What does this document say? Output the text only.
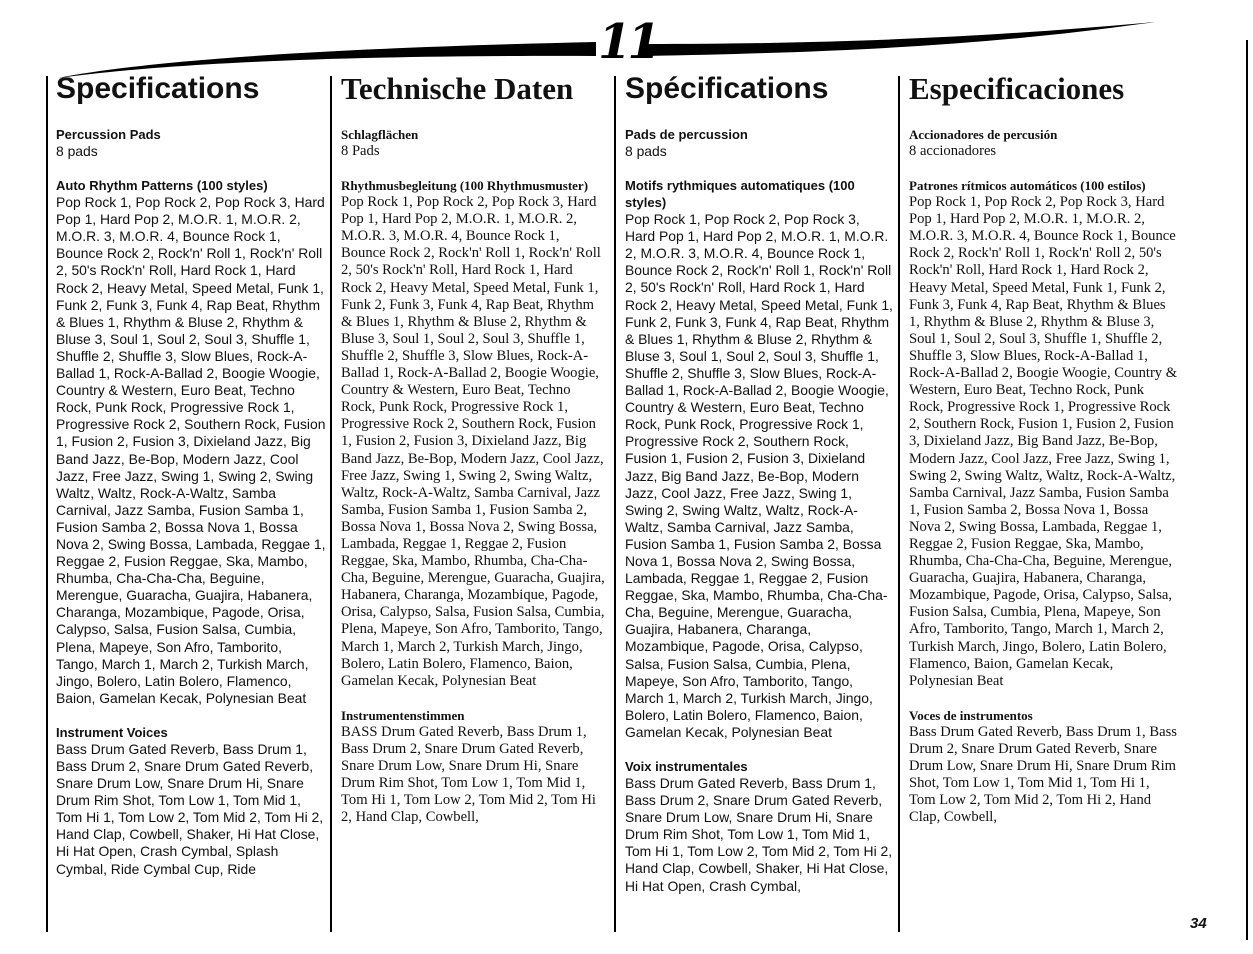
11
Specifications
Percussion Pads

8 pads

Auto Rhythm Patterns (100 styles)

Pop Rock 1, Pop Rock 2, Pop Rock 3, Hard Pop 1, Hard Pop 2, M.O.R. 1, M.O.R. 2, M.O.R. 3, M.O.R. 4, Bounce Rock 1, Bounce Rock 2, Rock'n' Roll 1, Rock'n' Roll 2, 50's Rock'n' Roll, Hard Rock 1, Hard Rock 2, Heavy Metal, Speed Metal, Funk 1, Funk 2, Funk 3, Funk 4, Rap Beat, Rhythm & Blues 1, Rhythm & Bluse 2, Rhythm & Bluse 3, Soul 1, Soul 2, Soul 3, Shuffle 1, Shuffle 2, Shuffle 3, Slow Blues, Rock-A-Ballad 1, Rock-A-Ballad 2, Boogie Woogie, Country & Western, Euro Beat, Techno Rock, Punk Rock, Progressive Rock 1, Progressive Rock 2, Southern Rock, Fusion 1, Fusion 2, Fusion 3, Dixieland Jazz, Big Band Jazz, Be-Bop, Modern Jazz, Cool Jazz, Free Jazz, Swing 1, Swing 2, Swing Waltz, Waltz, Rock-A-Waltz, Samba Carnival, Jazz Samba, Fusion Samba 1, Fusion Samba 2, Bossa Nova 1, Bossa Nova 2, Swing Bossa, Lambada, Reggae 1, Reggae 2, Fusion Reggae, Ska, Mambo, Rhumba, Cha-Cha-Cha, Beguine, Merengue, Guaracha, Guajira, Habanera, Charanga, Mozambique, Pagode, Orisa, Calypso, Salsa, Fusion Salsa, Cumbia, Plena, Mapeye, Son Afro, Tamborito, Tango, March 1, March 2, Turkish March, Jingo, Bolero, Latin Bolero, Flamenco, Baion, Gamelan Kecak, Polynesian Beat

Instrument Voices

Bass Drum Gated Reverb, Bass Drum 1, Bass Drum 2, Snare Drum Gated Reverb, Snare Drum Low, Snare Drum Hi, Snare Drum Rim Shot, Tom Low 1, Tom Mid 1, Tom Hi 1, Tom Low 2, Tom Mid 2, Tom Hi 2, Hand Clap, Cowbell, Shaker, Hi Hat Close, Hi Hat Open, Crash Cymbal, Splash Cymbal, Ride Cymbal Cup, Ride

Technische Daten
Schlagflächen

8 Pads

Rhythmusbegleitung (100 Rhythmusmuster)

Pop Rock 1, Pop Rock 2, Pop Rock 3, Hard Pop 1, Hard Pop 2, M.O.R. 1, M.O.R. 2, M.O.R. 3, M.O.R. 4, Bounce Rock 1, Bounce Rock 2, Rock'n' Roll 1, Rock'n' Roll 2, 50's Rock'n' Roll, Hard Rock 1, Hard Rock 2, Heavy Metal, Speed Metal, Funk 1, Funk 2, Funk 3, Funk 4, Rap Beat, Rhythm & Blues 1, Rhythm & Bluse 2, Rhythm & Bluse 3, Soul 1, Soul 2, Soul 3, Shuffle 1, Shuffle 2, Shuffle 3, Slow Blues, Rock-A-Ballad 1, Rock-A-Ballad 2, Boogie Woogie, Country & Western, Euro Beat, Techno Rock, Punk Rock, Progressive Rock 1, Progressive Rock 2, Southern Rock, Fusion 1, Fusion 2, Fusion 3, Dixieland Jazz, Big Band Jazz, Be-Bop, Modern Jazz, Cool Jazz, Free Jazz, Swing 1, Swing 2, Swing Waltz, Waltz, Rock-A-Waltz, Samba Carnival, Jazz Samba, Fusion Samba 1, Fusion Samba 2, Bossa Nova 1, Bossa Nova 2, Swing Bossa, Lambada, Reggae 1, Reggae 2, Fusion Reggae, Ska, Mambo, Rhumba, Cha-Cha-Cha, Beguine, Merengue, Guaracha, Guajira, Habanera, Charanga, Mozambique, Pagode, Orisa, Calypso, Salsa, Fusion Salsa, Cumbia, Plena, Mapeye, Son Afro, Tamborito, Tango, March 1, March 2, Turkish March, Jingo, Bolero, Latin Bolero, Flamenco, Baion, Gamelan Kecak, Polynesian Beat

Instrumentenstimmen

BASS Drum Gated Reverb, Bass Drum 1, Bass Drum 2, Snare Drum Gated Reverb, Snare Drum Low, Snare Drum Hi, Snare Drum Rim Shot, Tom Low 1, Tom Mid 1, Tom Hi 1, Tom Low 2, Tom Mid 2, Tom Hi 2, Hand Clap, Cowbell,

Spécifications
Pads de percussion

8 pads

Motifs rythmiques automatiques (100 styles)

Pop Rock 1, Pop Rock 2, Pop Rock 3, Hard Pop 1, Hard Pop 2, M.O.R. 1, M.O.R. 2, M.O.R. 3, M.O.R. 4, Bounce Rock 1, Bounce Rock 2, Rock'n' Roll 1, Rock'n' Roll 2, 50's Rock'n' Roll, Hard Rock 1, Hard Rock 2, Heavy Metal, Speed Metal, Funk 1, Funk 2, Funk 3, Funk 4, Rap Beat, Rhythm & Blues 1, Rhythm & Bluse 2, Rhythm & Bluse 3, Soul 1, Soul 2, Soul 3, Shuffle 1, Shuffle 2, Shuffle 3, Slow Blues, Rock-A-Ballad 1, Rock-A-Ballad 2, Boogie Woogie, Country & Western, Euro Beat, Techno Rock, Punk Rock, Progressive Rock 1, Progressive Rock 2, Southern Rock, Fusion 1, Fusion 2, Fusion 3, Dixieland Jazz, Big Band Jazz, Be-Bop, Modern Jazz, Cool Jazz, Free Jazz, Swing 1, Swing 2, Swing Waltz, Waltz, Rock-A-Waltz, Samba Carnival, Jazz Samba, Fusion Samba 1, Fusion Samba 2, Bossa Nova 1, Bossa Nova 2, Swing Bossa, Lambada, Reggae 1, Reggae 2, Fusion Reggae, Ska, Mambo, Rhumba, Cha-Cha-Cha, Beguine, Merengue, Guaracha, Guajira, Habanera, Charanga, Mozambique, Pagode, Orisa, Calypso, Salsa, Fusion Salsa, Cumbia, Plena, Mapeye, Son Afro, Tamborito, Tango, March 1, March 2, Turkish March, Jingo, Bolero, Latin Bolero, Flamenco, Baion, Gamelan Kecak, Polynesian Beat

Voix instrumentales

Bass Drum Gated Reverb, Bass Drum 1, Bass Drum 2, Snare Drum Gated Reverb, Snare Drum Low, Snare Drum Hi, Snare Drum Rim Shot, Tom Low 1, Tom Mid 1, Tom Hi 1, Tom Low 2, Tom Mid 2, Tom Hi 2, Hand Clap, Cowbell, Shaker, Hi Hat Close, Hi Hat Open, Crash Cymbal,

Especificaciones
Accionadores de percusión

8 accionadores

Patrones rítmicos automáticos (100 estilos)

Pop Rock 1, Pop Rock 2, Pop Rock 3, Hard Pop 1, Hard Pop 2, M.O.R. 1, M.O.R. 2, M.O.R. 3, M.O.R. 4, Bounce Rock 1, Bounce Rock 2, Rock'n' Roll 1, Rock'n' Roll 2, 50's Rock'n' Roll, Hard Rock 1, Hard Rock 2, Heavy Metal, Speed Metal, Funk 1, Funk 2, Funk 3, Funk 4, Rap Beat, Rhythm & Blues 1, Rhythm & Bluse 2, Rhythm & Bluse 3, Soul 1, Soul 2, Soul 3, Shuffle 1, Shuffle 2, Shuffle 3, Slow Blues, Rock-A-Ballad 1, Rock-A-Ballad 2, Boogie Woogie, Country & Western, Euro Beat, Techno Rock, Punk Rock, Progressive Rock 1, Progressive Rock 2, Southern Rock, Fusion 1, Fusion 2, Fusion 3, Dixieland Jazz, Big Band Jazz, Be-Bop, Modern Jazz, Cool Jazz, Free Jazz, Swing 1, Swing 2, Swing Waltz, Waltz, Rock-A-Waltz, Samba Carnival, Jazz Samba, Fusion Samba 1, Fusion Samba 2, Bossa Nova 1, Bossa Nova 2, Swing Bossa, Lambada, Reggae 1, Reggae 2, Fusion Reggae, Ska, Mambo, Rhumba, Cha-Cha-Cha, Beguine, Merengue, Guaracha, Guajira, Habanera, Charanga, Mozambique, Pagode, Orisa, Calypso, Salsa, Fusion Salsa, Cumbia, Plena, Mapeye, Son Afro, Tamborito, Tango, March 1, March 2, Turkish March, Jingo, Bolero, Latin Bolero, Flamenco, Baion, Gamelan Kecak, Polynesian Beat

Voces de instrumentos

Bass Drum Gated Reverb, Bass Drum 1, Bass Drum 2, Snare Drum Gated Reverb, Snare Drum Low, Snare Drum Hi, Snare Drum Rim Shot, Tom Low 1, Tom Mid 1, Tom Hi 1, Tom Low 2, Tom Mid 2, Tom Hi 2, Hand Clap, Cowbell,

34
